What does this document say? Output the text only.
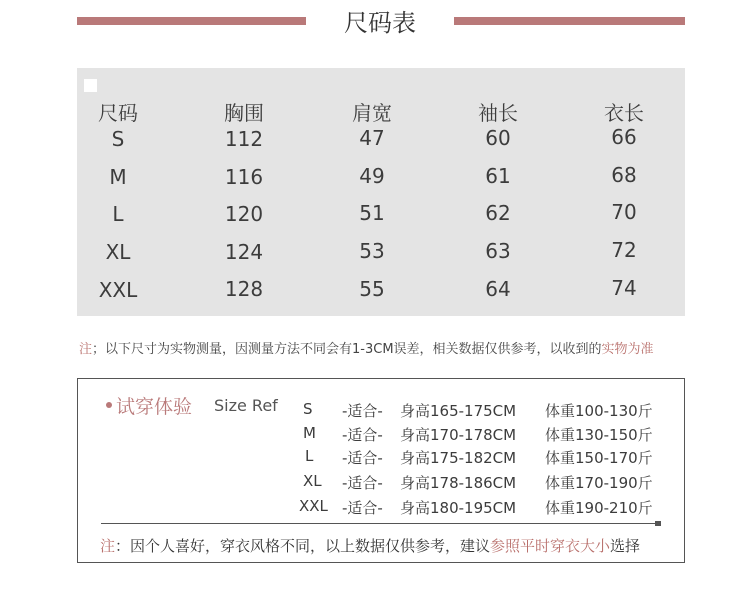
尺码表
尺码	胸围	肩宽	袖长	衣长
S	112	47	60	66
M	116	49	61	68
L	120	51	62	70
XL	124	53	63	72
XXL	128	55	64	74
注；以下尺寸为实物测量，因测量方法不同会有1-3CM误差，相关数据仅供参考，以收到的实物为准
试穿体验 Size Ref S -适合- 身高165-175CM 体重100-130斤
M -适合- 身高170-178CM 体重130-150斤
L -适合- 身高175-182CM 体重150-170斤
XL -适合- 身高178-186CM 体重170-190斤
XXL -适合- 身高180-195CM 体重190-210斤
注：因个人喜好，穿衣风格不同，以上数据仅供参考，建议参照平时穿衣大小选择
